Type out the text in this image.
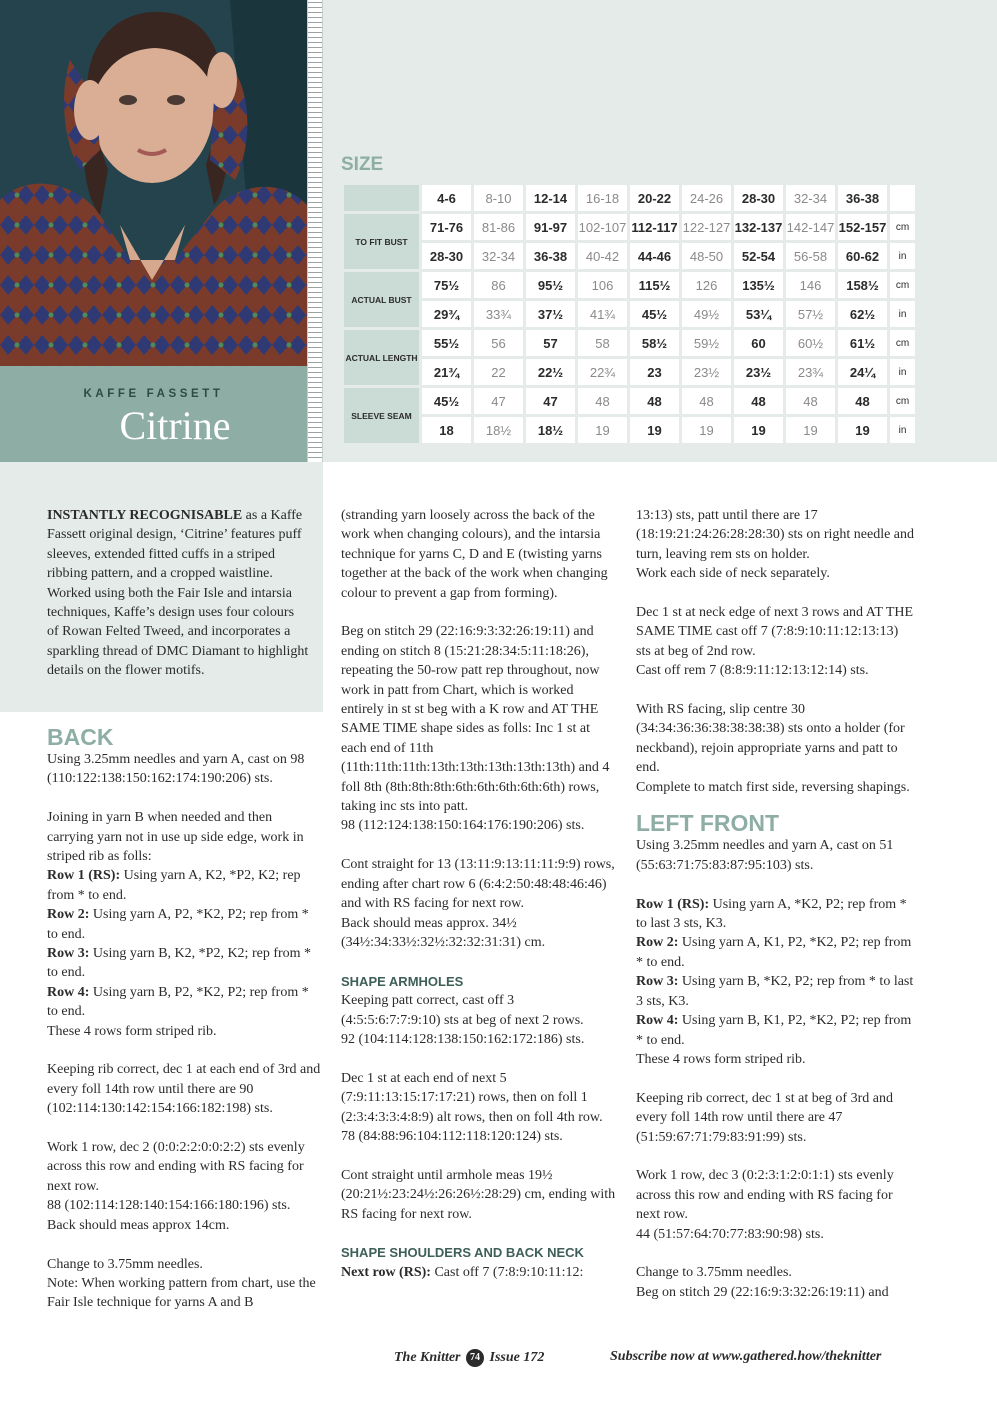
KAFFE FASSETT
Citrine
SIZE
	4-6	8-10	12-14	16-18	20-22	24-26	28-30	32-34	36-38	
TO FIT BUST	71-76	81-86	91-97	102-107	112-117	122-127	132-137	142-147	152-157	cm
	28-30	32-34	36-38	40-42	44-46	48-50	52-54	56-58	60-62	in
ACTUAL BUST	75½	86	95½	106	115½	126	135½	146	158½	cm
	29¾	33¾	37½	41¾	45½	49½	53¼	57½	62½	in
ACTUAL LENGTH	55½	56	57	58	58½	59½	60	60½	61½	cm
	21¾	22	22½	22¾	23	23½	23½	23¾	24¼	in
SLEEVE SEAM	45½	47	47	48	48	48	48	48	48	cm
	18	18½	18½	19	19	19	19	19	19	in
INSTANTLY RECOGNISABLE as a Kaffe Fassett original design, ‘Citrine’ features puff sleeves, extended fitted cuffs in a striped ribbing pattern, and a cropped waistline. Worked using both the Fair Isle and intarsia techniques, Kaffe’s design uses four colours of Rowan Felted Tweed, and incorporates a sparkling thread of DMC Diamant to highlight details on the flower motifs.
BACK
Using 3.25mm needles and yarn A, cast on 98 (110:122:138:150:162:174:190:206) sts.
Joining in yarn B when needed and then carrying yarn not in use up side edge, work in striped rib as folls:
Row 1 (RS): Using yarn A, K2, *P2, K2; rep from * to end.
Row 2: Using yarn A, P2, *K2, P2; rep from * to end.
Row 3: Using yarn B, K2, *P2, K2; rep from * to end.
Row 4: Using yarn B, P2, *K2, P2; rep from * to end.
These 4 rows form striped rib.
Keeping rib correct, dec 1 at each end of 3rd and every foll 14th row until there are 90 (102:114:130:142:154:166:182:198) sts.
Work 1 row, dec 2 (0:0:2:2:0:0:2:2) sts evenly across this row and ending with RS facing for next row.
88 (102:114:128:140:154:166:180:196) sts.
Back should meas approx 14cm.
Change to 3.75mm needles.
Note: When working pattern from chart, use the Fair Isle technique for yarns A and B
(stranding yarn loosely across the back of the work when changing colours), and the intarsia technique for yarns C, D and E (twisting yarns together at the back of the work when changing colour to prevent a gap from forming).
Beg on stitch 29 (22:16:9:3:32:26:19:11) and ending on stitch 8 (15:21:28:34:5:11:18:26), repeating the 50-row patt rep throughout, now work in patt from Chart, which is worked entirely in st st beg with a K row and AT THE SAME TIME shape sides as folls: Inc 1 st at each end of 11th (11th:11th:11th:13th:13th:13th:13th:13th) and 4 foll 8th (8th:8th:8th:6th:6th:6th:6th:6th) rows, taking inc sts into patt.
98 (112:124:138:150:164:176:190:206) sts.
Cont straight for 13 (13:11:9:13:11:11:9:9) rows, ending after chart row 6 (6:4:2:50:48:48:46:46) and with RS facing for next row.
Back should meas approx. 34½ (34½:34:33½:32½:32:32:31:31) cm.
SHAPE ARMHOLES
Keeping patt correct, cast off 3 (4:5:5:6:7:7:9:10) sts at beg of next 2 rows.
92 (104:114:128:138:150:162:172:186) sts.
Dec 1 st at each end of next 5 (7:9:11:13:15:17:17:21) rows, then on foll 1 (2:3:4:3:3:4:8:9) alt rows, then on foll 4th row.
78 (84:88:96:104:112:118:120:124) sts.
Cont straight until armhole meas 19½ (20:21½:23:24½:26:26½:28:29) cm, ending with RS facing for next row.
SHAPE SHOULDERS AND BACK NECK
Next row (RS): Cast off 7 (7:8:9:10:11:12:
13:13) sts, patt until there are 17 (18:19:21:24:26:28:28:30) sts on right needle and turn, leaving rem sts on holder.
Work each side of neck separately.
Dec 1 st at neck edge of next 3 rows and AT THE SAME TIME cast off 7 (7:8:9:10:11:12:13:13) sts at beg of 2nd row.
Cast off rem 7 (8:8:9:11:12:13:12:14) sts.
With RS facing, slip centre 30 (34:34:36:36:38:38:38:38) sts onto a holder (for neckband), rejoin appropriate yarns and patt to end.
Complete to match first side, reversing shapings.
LEFT FRONT
Using 3.25mm needles and yarn A, cast on 51 (55:63:71:75:83:87:95:103) sts.
Row 1 (RS): Using yarn A, *K2, P2; rep from * to last 3 sts, K3.
Row 2: Using yarn A, K1, P2, *K2, P2; rep from * to end.
Row 3: Using yarn B, *K2, P2; rep from * to last 3 sts, K3.
Row 4: Using yarn B, K1, P2, *K2, P2; rep from * to end.
These 4 rows form striped rib.
Keeping rib correct, dec 1 st at beg of 3rd and every foll 14th row until there are 47 (51:59:67:71:79:83:91:99) sts.
Work 1 row, dec 3 (0:2:3:1:2:0:1:1) sts evenly across this row and ending with RS facing for next row.
44 (51:57:64:70:77:83:90:98) sts.
Change to 3.75mm needles.
Beg on stitch 29 (22:16:9:3:32:26:19:11) and
The Knitter 74 Issue 172	Subscribe now at www.gathered.how/theknitter
